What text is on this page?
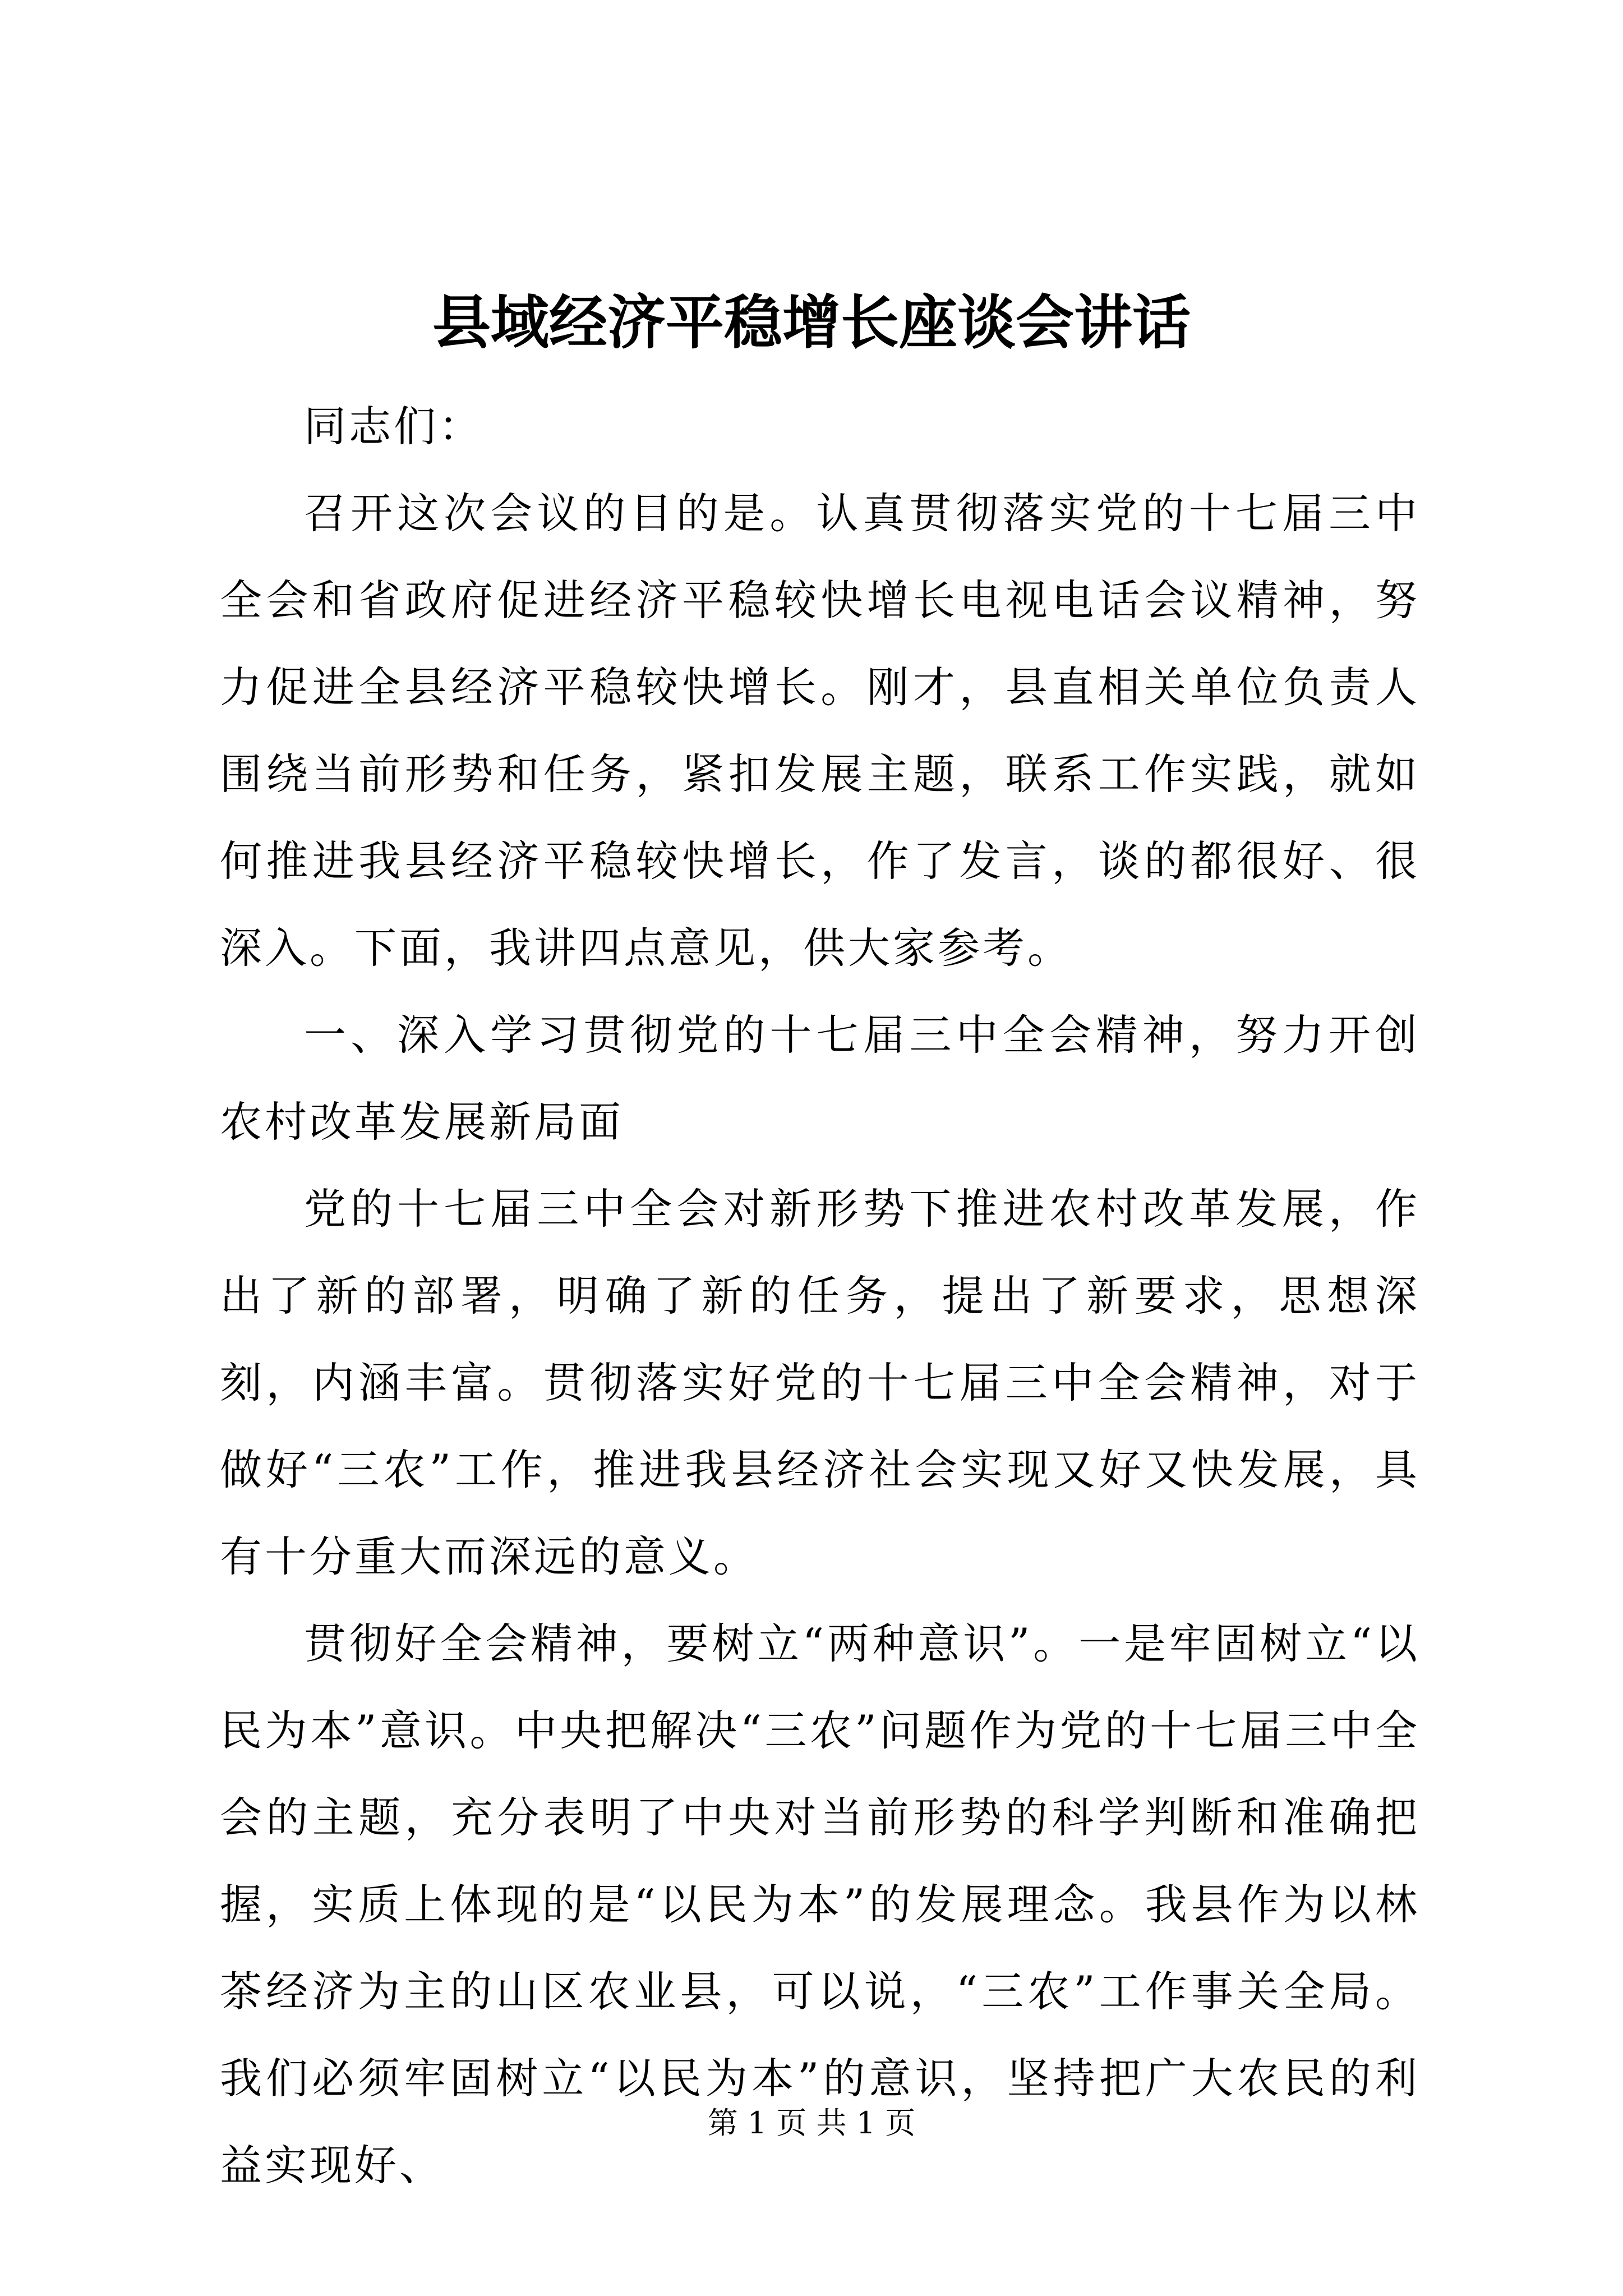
县域经济平稳增长座谈会讲话

同志们：

召开这次会议的目的是。认真贯彻落实党的十七届三中全会和省政府促进经济平稳较快增长电视电话会议精神，努力促进全县经济平稳较快增长。刚才，县直相关单位负责人围绕当前形势和任务，紧扣发展主题，联系工作实践，就如何推进我县经济平稳较快增长，作了发言，谈的都很好、很深入。下面，我讲四点意见，供大家参考。

一、深入学习贯彻党的十七届三中全会精神，努力开创农村改革发展新局面

党的十七届三中全会对新形势下推进农村改革发展，作出了新的部署，明确了新的任务，提出了新要求，思想深刻，内涵丰富。贯彻落实好党的十七届三中全会精神，对于做好“三农”工作，推进我县经济社会实现又好又快发展，具有十分重大而深远的意义。

贯彻好全会精神，要树立“两种意识”。一是牢固树立“以民为本”意识。中央把解决“三农”问题作为党的十七届三中全会的主题，充分表明了中央对当前形势的科学判断和准确把握，实质上体现的是“以民为本”的发展理念。我县作为以林茶经济为主的山区农业县，可以说，“三农”工作事关全局。我们必须牢固树立“以民为本”的意识，坚持把广大农民的利益实现好、

第 1 页 共 1 页
